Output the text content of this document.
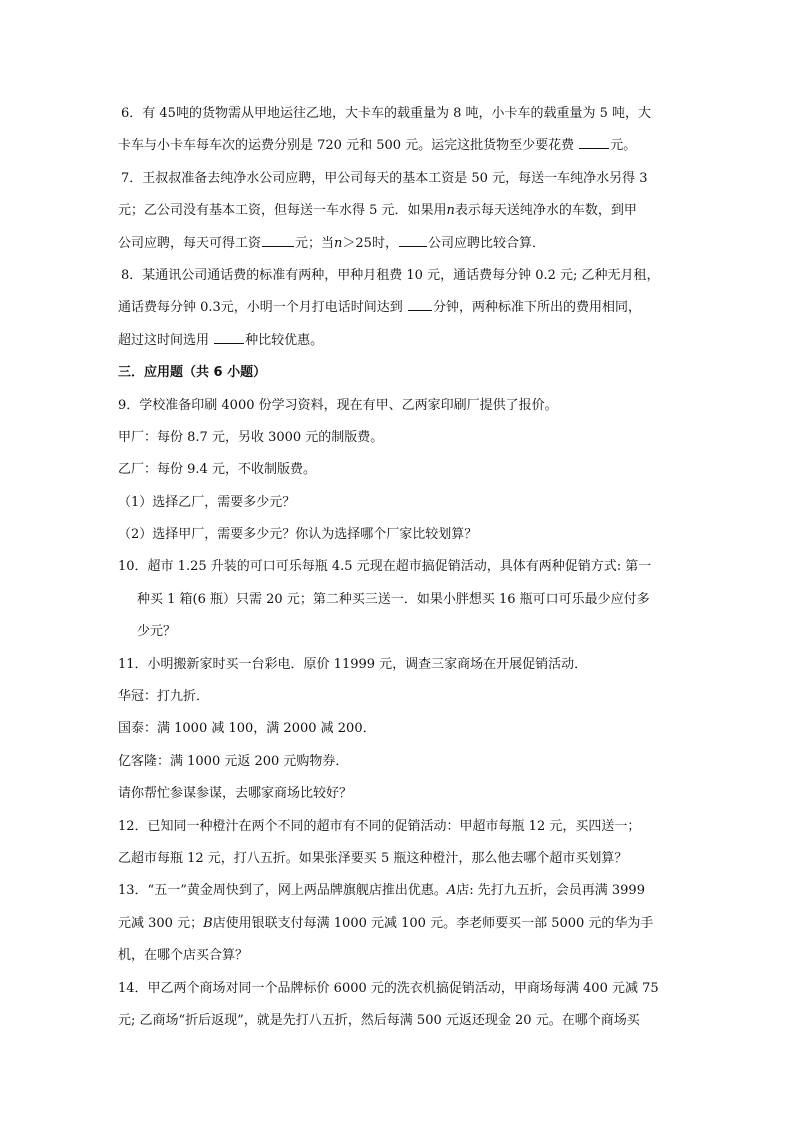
6．有 45吨的货物需从甲地运往乙地，大卡车的载重量为 8 吨，小卡车的载重量为 5 吨，大
卡车与小卡车每车次的运费分别是 720 元和 500 元。运完这批货物至少要花费 元。
7．王叔叔准备去纯净水公司应聘，甲公司每天的基本工资是 50 元，每送一车纯净水另得 3
元；乙公司没有基本工资，但每送一车水得 5 元．如果用n表示每天送纯净水的车数，到甲
公司应聘，每天可得工资	元；当n＞25时， 公司应聘比较合算．
8．某通讯公司通话费的标准有两种，甲种月租费 10 元，通话费每分钟 0.2 元; 乙种无月租，
通话费每分钟 0.3元，小明一个月打电话时间达到 分钟，两种标准下所出的费用相同，
超过这时间选用 种比较优惠。
三．应用题（共 6 小题）
9．学校准备印刷 4000 份学习资料，现在有甲、乙两家印刷厂提供了报价。
甲厂：每份 8.7 元，另收 3000 元的制版费。
乙厂：每份 9.4 元，不收制版费。
（1）选择乙厂，需要多少元？
（2）选择甲厂，需要多少元？你认为选择哪个厂家比较划算？
10．超市 1.25 升装的可口可乐每瓶 4.5 元现在超市搞促销活动，具体有两种促销方式: 第一
种买 1 箱(6 瓶）只需 20 元；第二种买三送一．如果小胖想买 16 瓶可口可乐最少应付多
少元？
11．小明搬新家时买一台彩电．原价 11999 元，调查三家商场在开展促销活动．
华冠：打九折．
国泰：满 1000 减 100，满 2000 减 200．
亿客隆：满 1000 元返 200 元购物券．
请你帮忙参谋参谋，去哪家商场比较好？
12．已知同一种橙汁在两个不同的超市有不同的促销活动：甲超市每瓶 12 元，买四送一；
乙超市每瓶 12 元，打八五折。如果张泽要买 5 瓶这种橙汁，那么他去哪个超市买划算？
13．“五一”黄金周快到了，网上两品牌旗舰店推出优惠。A店: 先打九五折，会员再满 3999
元减 300 元；B店使用银联支付每满 1000 元减 100 元。李老师要买一部 5000 元的华为手
机，在哪个店买合算？
14．甲乙两个商场对同一个品牌标价 6000 元的洗衣机搞促销活动，甲商场每满 400 元减 75
元; 乙商场“折后返现”，就是先打八五折，然后每满 500 元返还现金 20 元。在哪个商场买
